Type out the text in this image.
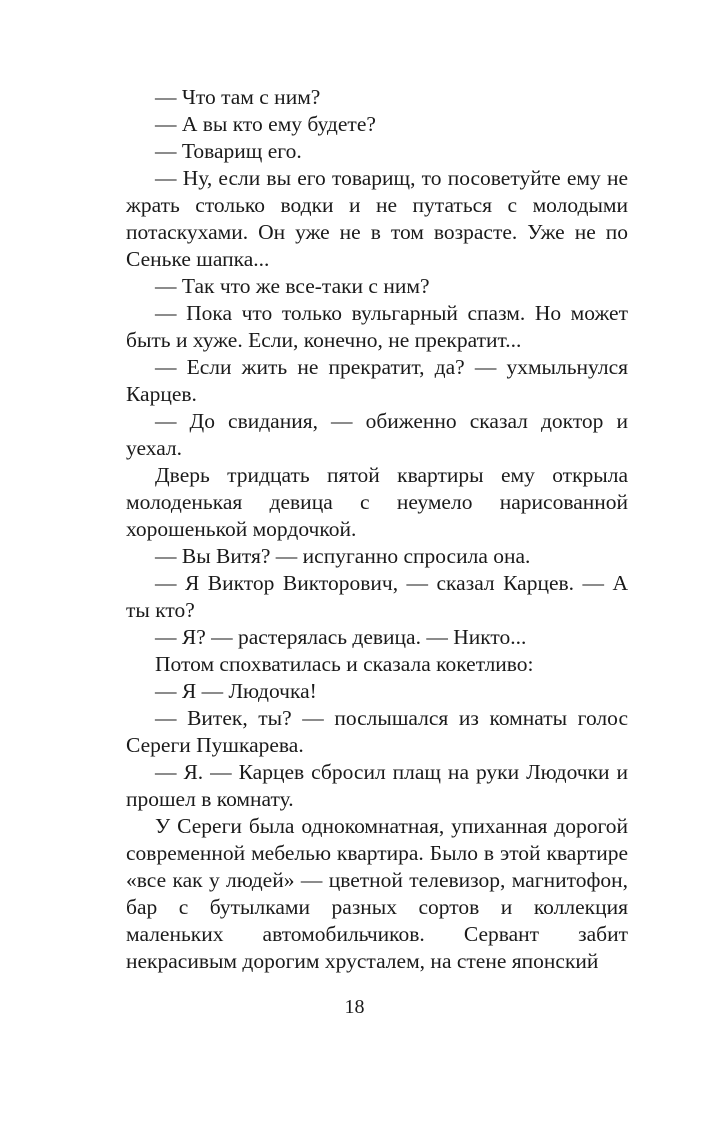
— Что там с ним?

— А вы кто ему будете?

— Товарищ его.

— Ну, если вы его товарищ, то посоветуйте ему не жрать столько водки и не путаться с молодыми потаскухами. Он уже не в том возрасте. Уже не по Сеньке шапка...

— Так что же все-таки с ним?

— Пока что только вульгарный спазм. Но может быть и хуже. Если, конечно, не прекратит...

— Если жить не прекратит, да? — ухмыльнулся Карцев.

— До свидания, — обиженно сказал доктор и уехал.

Дверь тридцать пятой квартиры ему открыла молоденькая девица с неумело нарисованной хорошенькой мордочкой.

— Вы Витя? — испуганно спросила она.

— Я Виктор Викторович, — сказал Карцев. — А ты кто?

— Я? — растерялась девица. — Никто...

Потом спохватилась и сказала кокетливо:

— Я — Людочка!

— Витек, ты? — послышался из комнаты голос Сереги Пушкарева.

— Я. — Карцев сбросил плащ на руки Людочки и прошел в комнату.

У Сереги была однокомнатная, упиханная дорогой современной мебелью квартира. Было в этой квартире «все как у людей» — цветной телевизор, магнитофон, бар с бутылками разных сортов и коллекция маленьких автомобильчиков. Сервант забит некрасивым дорогим хрусталем, на стене японский

18
